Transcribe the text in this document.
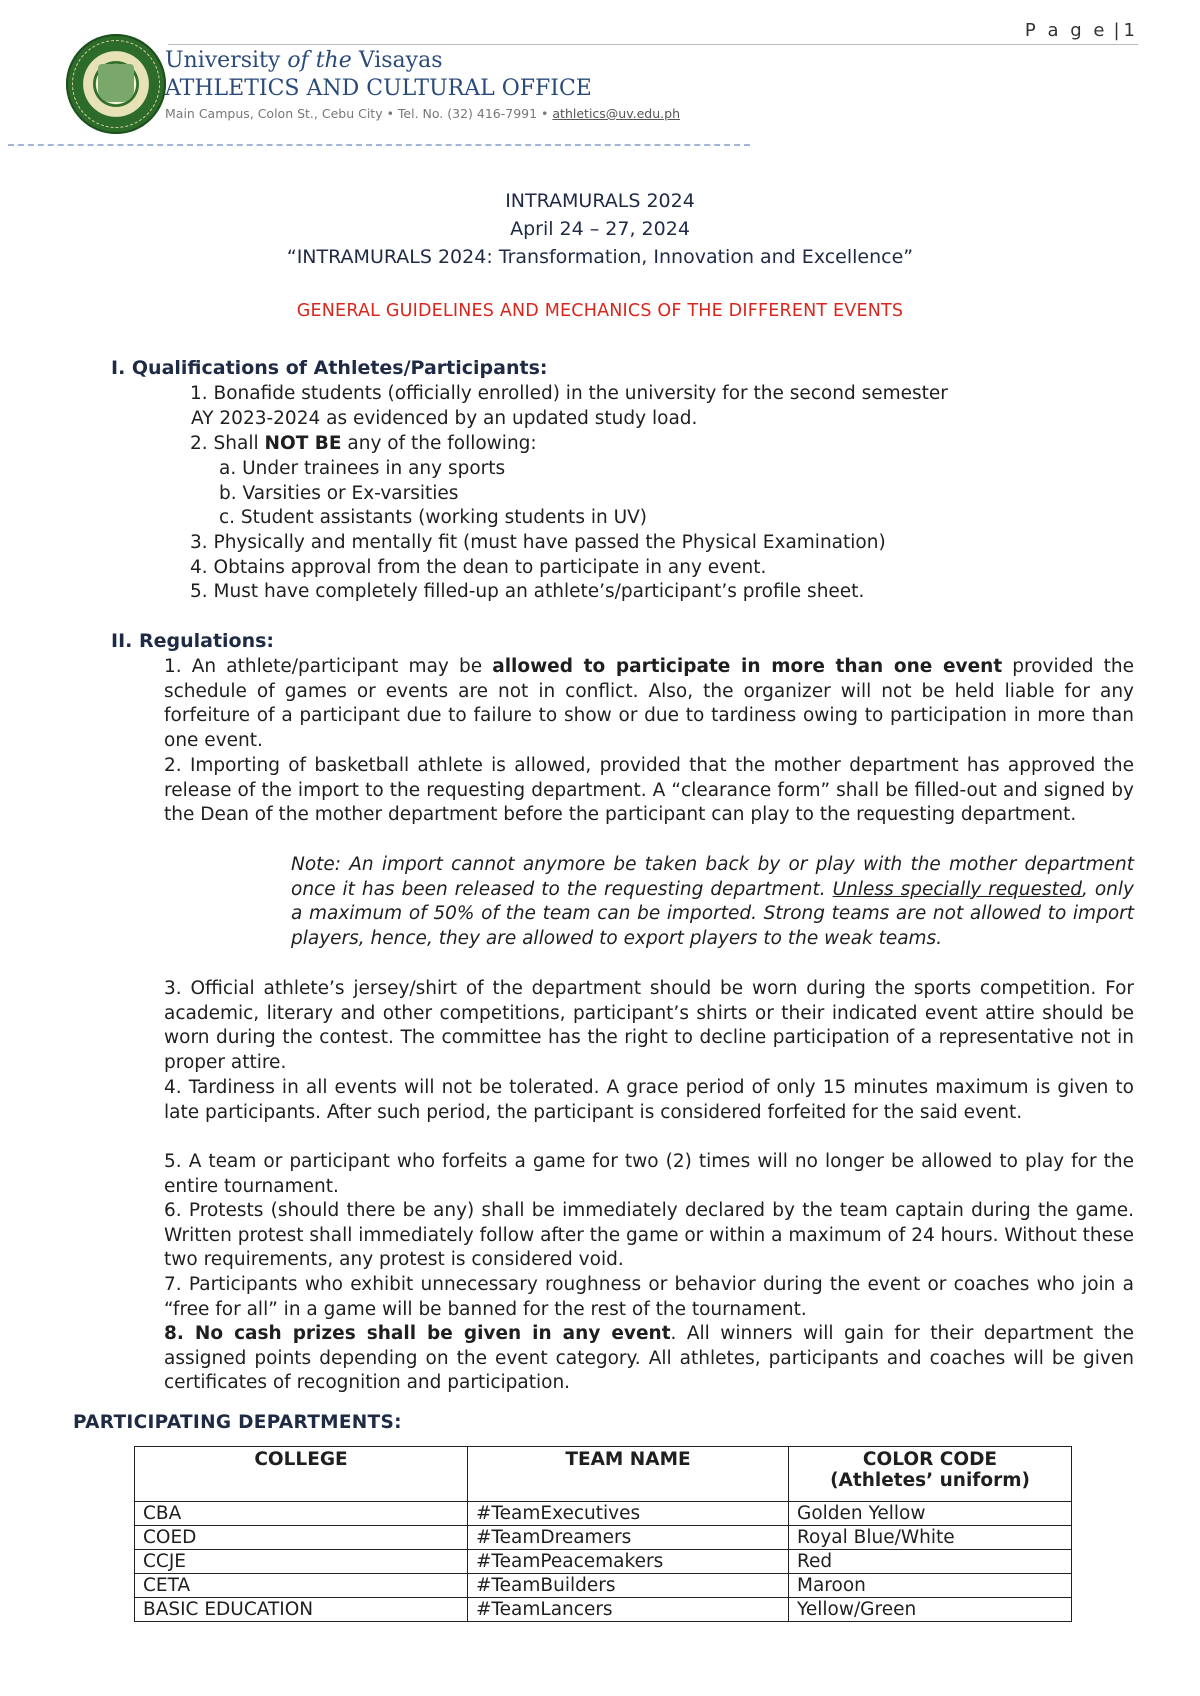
P a g e | 1
University of the Visayas
ATHLETICS AND CULTURAL OFFICE
Main Campus, Colon St., Cebu City • Tel. No. (32) 416-7991 • athletics@uv.edu.ph
INTRAMURALS 2024
April 24 – 27, 2024
“INTRAMURALS 2024: Transformation, Innovation and Excellence”
GENERAL GUIDELINES AND MECHANICS OF THE DIFFERENT EVENTS
I. Qualifications of Athletes/Participants:
1. Bonafide students (officially enrolled) in the university for the second semester
AY 2023-2024 as evidenced by an updated study load.
2. Shall NOT BE any of the following:
a. Under trainees in any sports
b. Varsities or Ex-varsities
c. Student assistants (working students in UV)
3. Physically and mentally fit (must have passed the Physical Examination)
4. Obtains approval from the dean to participate in any event.
5. Must have completely filled-up an athlete’s/participant’s profile sheet.
II. Regulations:
1. An athlete/participant may be allowed to participate in more than one event provided the schedule of games or events are not in conflict. Also, the organizer will not be held liable for any forfeiture of a participant due to failure to show or due to tardiness owing to participation in more than one event.
2. Importing of basketball athlete is allowed, provided that the mother department has approved the release of the import to the requesting department. A “clearance form” shall be filled-out and signed by the Dean of the mother department before the participant can play to the requesting department.
Note: An import cannot anymore be taken back by or play with the mother department once it has been released to the requesting department. Unless specially requested, only a maximum of 50% of the team can be imported. Strong teams are not allowed to import players, hence, they are allowed to export players to the weak teams.
3. Official athlete’s jersey/shirt of the department should be worn during the sports competition. For academic, literary and other competitions, participant’s shirts or their indicated event attire should be worn during the contest. The committee has the right to decline participation of a representative not in proper attire.
4. Tardiness in all events will not be tolerated. A grace period of only 15 minutes maximum is given to late participants. After such period, the participant is considered forfeited for the said event.
5. A team or participant who forfeits a game for two (2) times will no longer be allowed to play for the entire tournament.
6. Protests (should there be any) shall be immediately declared by the team captain during the game. Written protest shall immediately follow after the game or within a maximum of 24 hours. Without these two requirements, any protest is considered void.
7. Participants who exhibit unnecessary roughness or behavior during the event or coaches who join a “free for all” in a game will be banned for the rest of the tournament.
8. No cash prizes shall be given in any event. All winners will gain for their department the assigned points depending on the event category. All athletes, participants and coaches will be given certificates of recognition and participation.
PARTICIPATING DEPARTMENTS:
COLLEGE	TEAM NAME	COLOR CODE
(Athletes’ uniform)
CBA	#TeamExecutives	Golden Yellow
COED	#TeamDreamers	Royal Blue/White
CCJE	#TeamPeacemakers	Red
CETA	#TeamBuilders	Maroon
BASIC EDUCATION	#TeamLancers	Yellow/Green
